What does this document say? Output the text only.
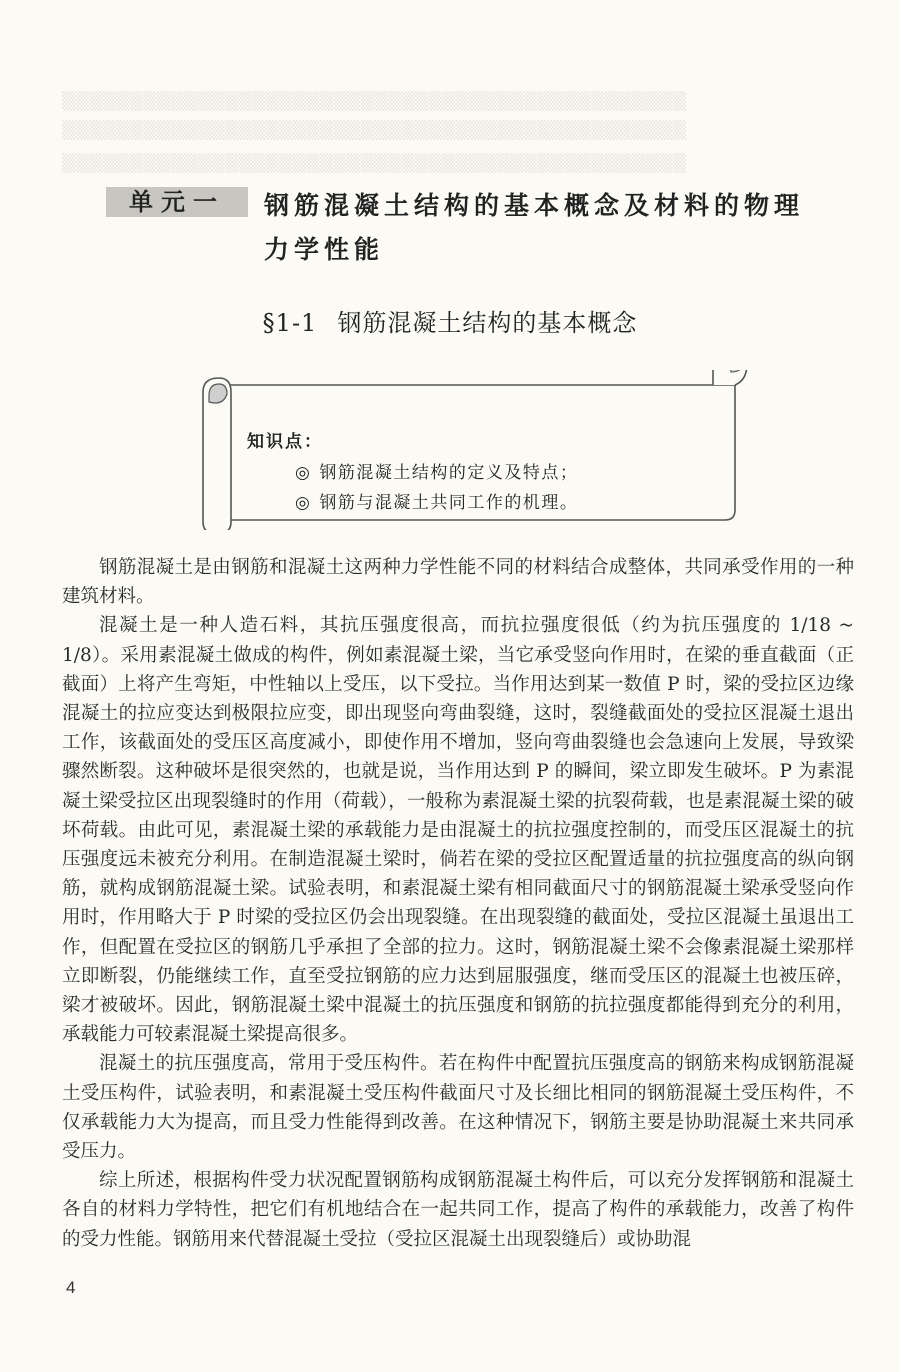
▒▒▒▒▒▒▒▒▒▒▒▒▒▒▒▒▒▒▒▒▒▒▒▒▒▒▒▒▒▒▒▒▒▒▒▒▒▒▒▒▒▒▒▒▒▒
▒▒▒▒▒▒▒▒▒▒▒▒▒▒▒▒▒▒▒▒▒▒▒▒▒▒▒▒▒▒▒▒▒▒▒▒▒▒▒▒▒▒▒▒▒▒
▒▒▒▒▒▒▒▒▒▒▒▒▒▒▒▒▒▒▒▒▒▒▒▒▒▒▒▒▒▒▒▒▒▒▒▒▒▒▒▒▒▒▒▒▒▒
单元一	钢筋混凝土结构的基本概念及材料的物理力学性能
§1-1 钢筋混凝土结构的基本概念
知识点：
◎ 钢筋混凝土结构的定义及特点；
◎ 钢筋与混凝土共同工作的机理。

钢筋混凝土是由钢筋和混凝土这两种力学性能不同的材料结合成整体，共同承受作用的一种建筑材料。

混凝土是一种人造石料，其抗压强度很高，而抗拉强度很低（约为抗压强度的 1/18 ~ 1/8）。采用素混凝土做成的构件，例如素混凝土梁，当它承受竖向作用时，在梁的垂直截面（正截面）上将产生弯矩，中性轴以上受压，以下受拉。当作用达到某一数值 P 时，梁的受拉区边缘混凝土的拉应变达到极限拉应变，即出现竖向弯曲裂缝，这时，裂缝截面处的受拉区混凝土退出工作，该截面处的受压区高度减小，即使作用不增加，竖向弯曲裂缝也会急速向上发展，导致梁骤然断裂。这种破坏是很突然的，也就是说，当作用达到 P 的瞬间，梁立即发生破坏。P 为素混凝土梁受拉区出现裂缝时的作用（荷载），一般称为素混凝土梁的抗裂荷载，也是素混凝土梁的破坏荷载。由此可见，素混凝土梁的承载能力是由混凝土的抗拉强度控制的，而受压区混凝土的抗压强度远未被充分利用。在制造混凝土梁时，倘若在梁的受拉区配置适量的抗拉强度高的纵向钢筋，就构成钢筋混凝土梁。试验表明，和素混凝土梁有相同截面尺寸的钢筋混凝土梁承受竖向作用时，作用略大于 P 时梁的受拉区仍会出现裂缝。在出现裂缝的截面处，受拉区混凝土虽退出工作，但配置在受拉区的钢筋几乎承担了全部的拉力。这时，钢筋混凝土梁不会像素混凝土梁那样立即断裂，仍能继续工作，直至受拉钢筋的应力达到屈服强度，继而受压区的混凝土也被压碎，梁才被破坏。因此，钢筋混凝土梁中混凝土的抗压强度和钢筋的抗拉强度都能得到充分的利用，承载能力可较素混凝土梁提高很多。

混凝土的抗压强度高，常用于受压构件。若在构件中配置抗压强度高的钢筋来构成钢筋混凝土受压构件，试验表明，和素混凝土受压构件截面尺寸及长细比相同的钢筋混凝土受压构件，不仅承载能力大为提高，而且受力性能得到改善。在这种情况下，钢筋主要是协助混凝土来共同承受压力。

综上所述，根据构件受力状况配置钢筋构成钢筋混凝土构件后，可以充分发挥钢筋和混凝土各自的材料力学特性，把它们有机地结合在一起共同工作，提高了构件的承载能力，改善了构件的受力性能。钢筋用来代替混凝土受拉（受拉区混凝土出现裂缝后）或协助混

4
